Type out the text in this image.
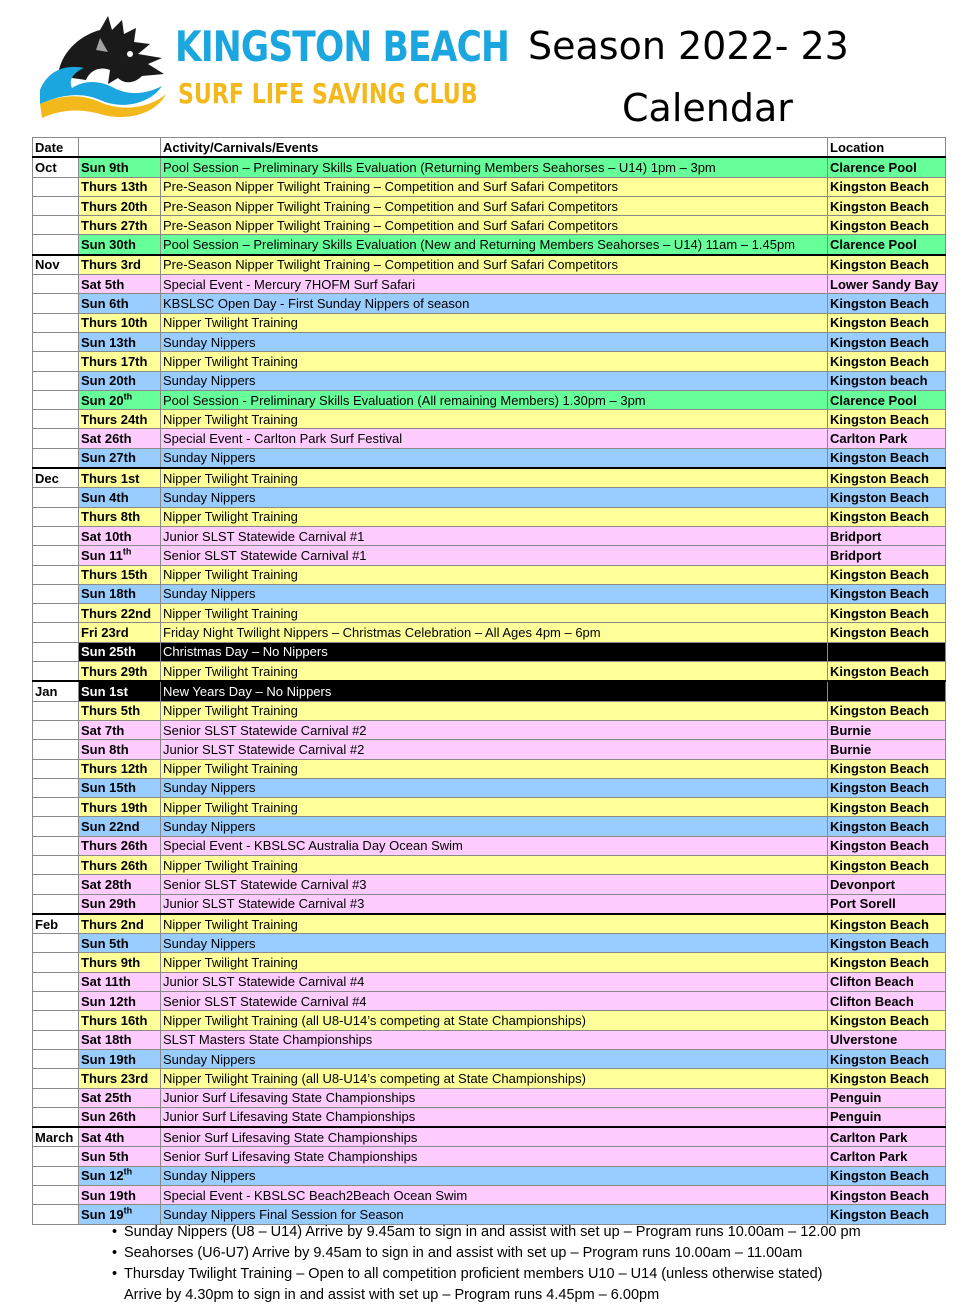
KINGSTON BEACH
SURF LIFE SAVING CLUB
Season 2022- 23
Calendar
Date		Activity/Carnivals/Events	Location
Oct	Sun 9th	Pool Session – Preliminary Skills Evaluation (Returning Members Seahorses – U14) 1pm – 3pm	Clarence Pool
	Thurs 13th	Pre-Season Nipper Twilight Training – Competition and Surf Safari Competitors	Kingston Beach
	Thurs 20th	Pre-Season Nipper Twilight Training – Competition and Surf Safari Competitors	Kingston Beach
	Thurs 27th	Pre-Season Nipper Twilight Training – Competition and Surf Safari Competitors	Kingston Beach
	Sun 30th	Pool Session – Preliminary Skills Evaluation (New and Returning Members Seahorses – U14) 11am – 1.45pm	Clarence Pool
Nov	Thurs 3rd	Pre-Season Nipper Twilight Training – Competition and Surf Safari Competitors	Kingston Beach
	Sat 5th	Special Event - Mercury 7HOFM Surf Safari	Lower Sandy Bay
	Sun 6th	KBSLSC Open Day - First Sunday Nippers of season	Kingston Beach
	Thurs 10th	Nipper Twilight Training	Kingston Beach
	Sun 13th	Sunday Nippers	Kingston Beach
	Thurs 17th	Nipper Twilight Training	Kingston Beach
	Sun 20th	Sunday Nippers	Kingston beach
	Sun 20th	Pool Session - Preliminary Skills Evaluation (All remaining Members) 1.30pm – 3pm	Clarence Pool
	Thurs 24th	Nipper Twilight Training	Kingston Beach
	Sat 26th	Special Event - Carlton Park Surf Festival	Carlton Park
	Sun 27th	Sunday Nippers	Kingston Beach
Dec	Thurs 1st	Nipper Twilight Training	Kingston Beach
	Sun 4th	Sunday Nippers	Kingston Beach
	Thurs 8th	Nipper Twilight Training	Kingston Beach
	Sat 10th	Junior SLST Statewide Carnival #1	Bridport
	Sun 11th	Senior SLST Statewide Carnival #1	Bridport
	Thurs 15th	Nipper Twilight Training	Kingston Beach
	Sun 18th	Sunday Nippers	Kingston Beach
	Thurs 22nd	Nipper Twilight Training	Kingston Beach
	Fri 23rd	Friday Night Twilight Nippers – Christmas Celebration – All Ages 4pm – 6pm	Kingston Beach
	Sun 25th	Christmas Day – No Nippers	
	Thurs 29th	Nipper Twilight Training	Kingston Beach
Jan	Sun 1st	New Years Day – No Nippers	
	Thurs 5th	Nipper Twilight Training	Kingston Beach
	Sat 7th	Senior SLST Statewide Carnival #2	Burnie
	Sun 8th	Junior SLST Statewide Carnival #2	Burnie
	Thurs 12th	Nipper Twilight Training	Kingston Beach
	Sun 15th	Sunday Nippers	Kingston Beach
	Thurs 19th	Nipper Twilight Training	Kingston Beach
	Sun 22nd	Sunday Nippers	Kingston Beach
	Thurs 26th	Special Event - KBSLSC Australia Day Ocean Swim	Kingston Beach
	Thurs 26th	Nipper Twilight Training	Kingston Beach
	Sat 28th	Senior SLST Statewide Carnival #3	Devonport
	Sun 29th	Junior SLST Statewide Carnival #3	Port Sorell
Feb	Thurs 2nd	Nipper Twilight Training	Kingston Beach
	Sun 5th	Sunday Nippers	Kingston Beach
	Thurs 9th	Nipper Twilight Training	Kingston Beach
	Sat 11th	Junior SLST Statewide Carnival #4	Clifton Beach
	Sun 12th	Senior SLST Statewide Carnival #4	Clifton Beach
	Thurs 16th	Nipper Twilight Training (all U8-U14’s competing at State Championships)	Kingston Beach
	Sat 18th	SLST Masters State Championships	Ulverstone
	Sun 19th	Sunday Nippers	Kingston Beach
	Thurs 23rd	Nipper Twilight Training (all U8-U14’s competing at State Championships)	Kingston Beach
	Sat 25th	Junior Surf Lifesaving State Championships	Penguin
	Sun 26th	Junior Surf Lifesaving State Championships	Penguin
March	Sat 4th	Senior Surf Lifesaving State Championships	Carlton Park
	Sun 5th	Senior Surf Lifesaving State Championships	Carlton Park
	Sun 12th	Sunday Nippers	Kingston Beach
	Sun 19th	Special Event - KBSLSC Beach2Beach Ocean Swim	Kingston Beach
	Sun 19th	Sunday Nippers Final Session for Season	Kingston Beach
• Sunday Nippers (U8 – U14) Arrive by 9.45am to sign in and assist with set up – Program runs 10.00am – 12.00 pm
• Seahorses (U6-U7) Arrive by 9.45am to sign in and assist with set up – Program runs 10.00am – 11.00am
• Thursday Twilight Training – Open to all competition proficient members U10 – U14 (unless otherwise stated)
Arrive by 4.30pm to sign in and assist with set up – Program runs 4.45pm – 6.00pm
